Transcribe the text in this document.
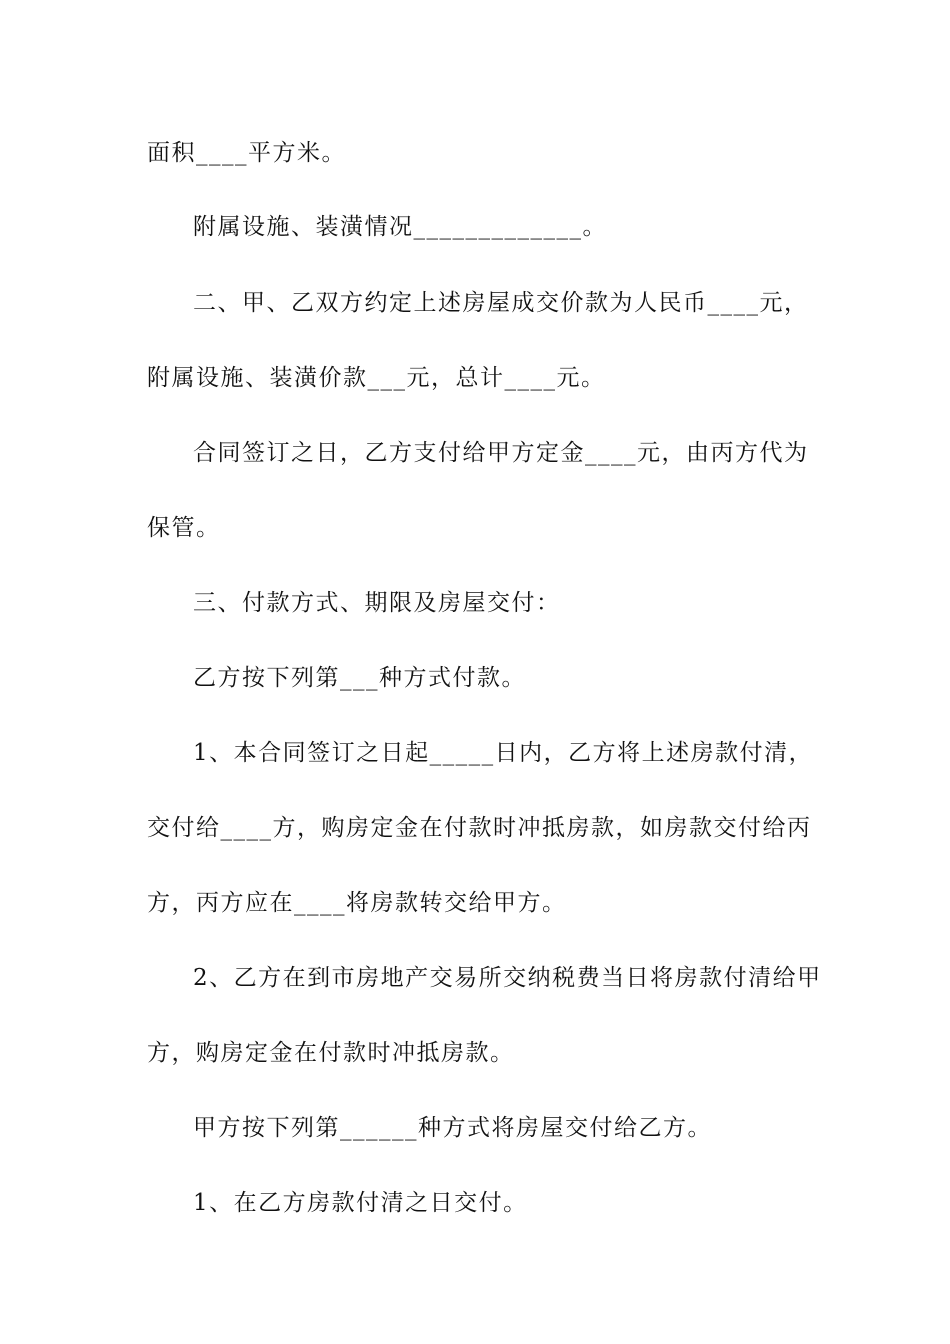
面积____平方米。
附属设施、装潢情况_____________。
二、甲、乙双方约定上述房屋成交价款为人民币____元，
附属设施、装潢价款___元，总计____元。
合同签订之日，乙方支付给甲方定金____元，由丙方代为
保管。
三、付款方式、期限及房屋交付：
乙方按下列第___种方式付款。
1、本合同签订之日起_____日内，乙方将上述房款付清，
交付给____方，购房定金在付款时冲抵房款，如房款交付给丙
方，丙方应在____将房款转交给甲方。
2、乙方在到市房地产交易所交纳税费当日将房款付清给甲
方，购房定金在付款时冲抵房款。
甲方按下列第______种方式将房屋交付给乙方。
1、在乙方房款付清之日交付。
